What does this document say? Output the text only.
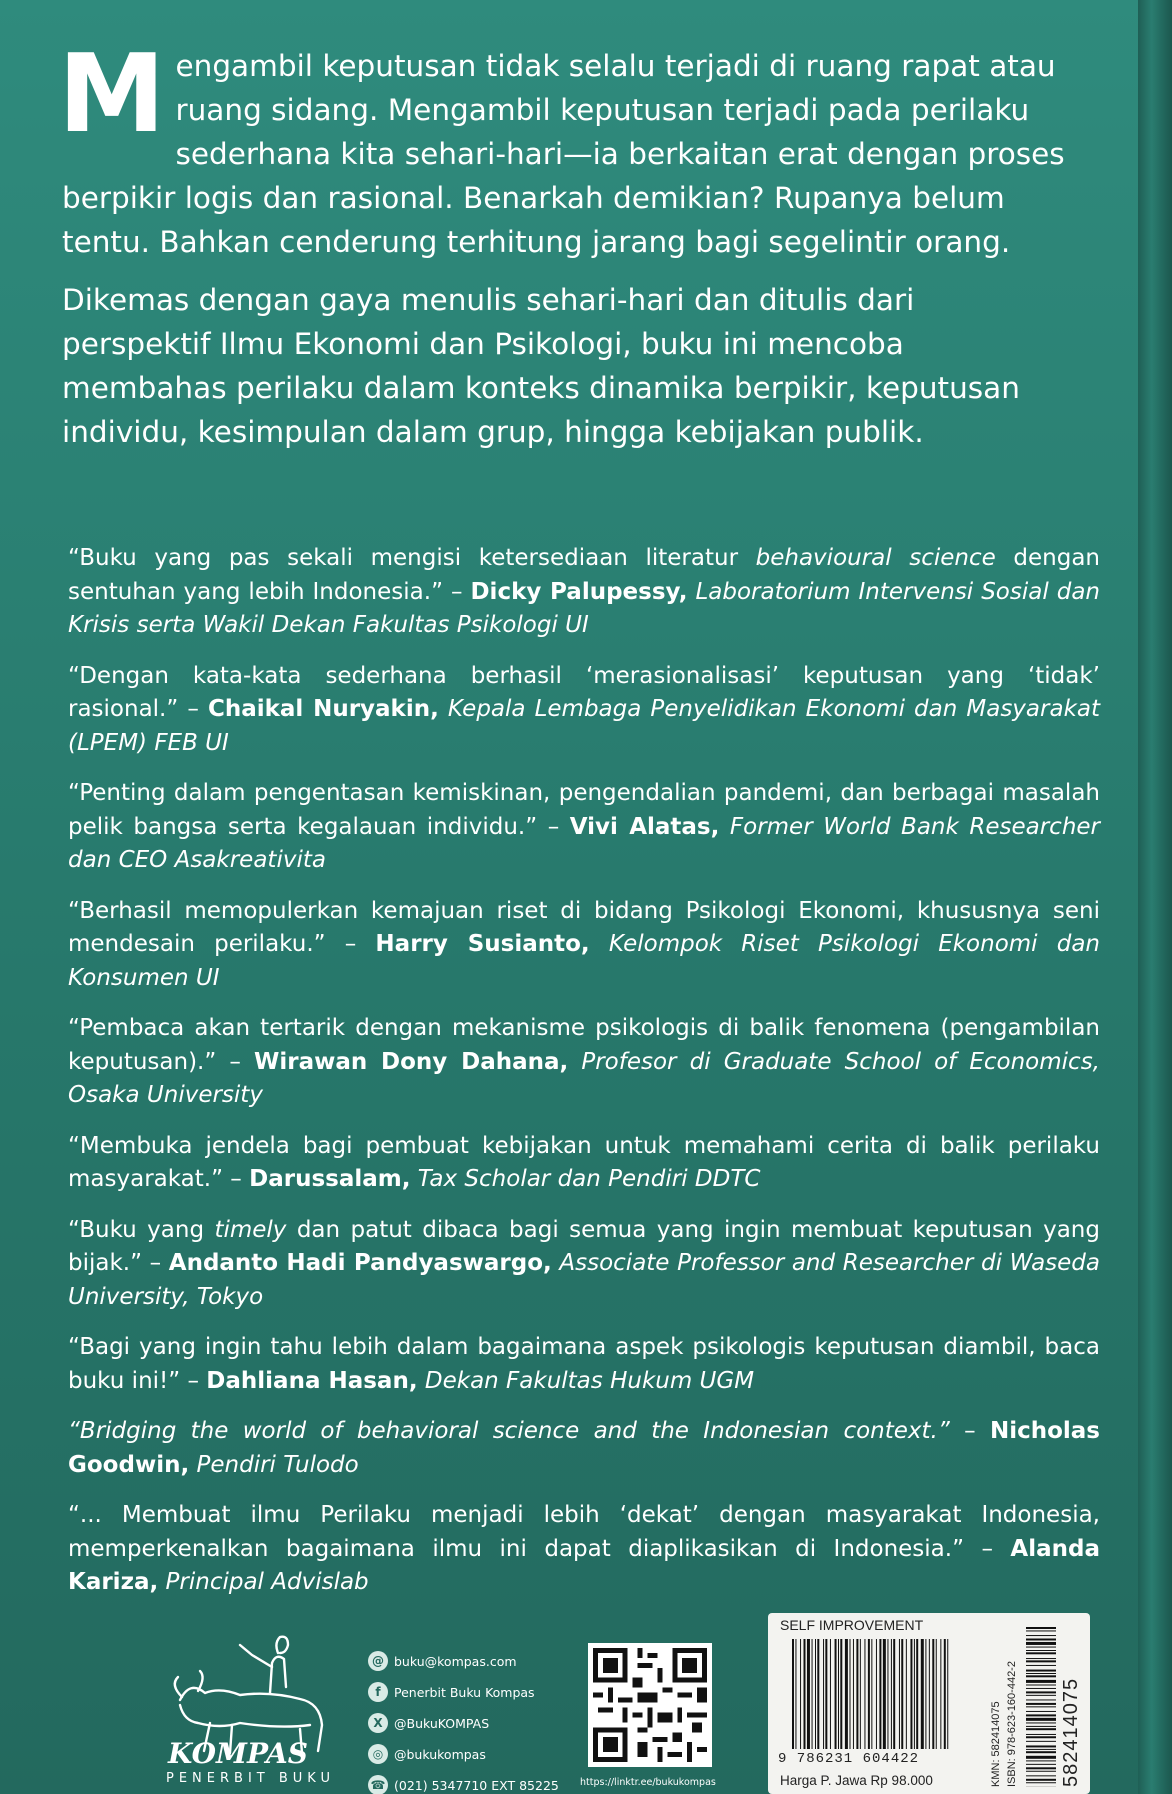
Mengambil keputusan tidak selalu terjadi di ruang rapat atau ruang sidang. Mengambil keputusan terjadi pada perilaku sederhana kita sehari-hari—ia berkaitan erat dengan proses berpikir logis dan rasional. Benarkah demikian? Rupanya belum tentu. Bahkan cenderung terhitung jarang bagi segelintir orang.

Dikemas dengan gaya menulis sehari-hari dan ditulis dari perspektif Ilmu Ekonomi dan Psikologi, buku ini mencoba membahas perilaku dalam konteks dinamika berpikir, keputusan individu, kesimpulan dalam grup, hingga kebijakan publik.

“Buku yang pas sekali mengisi ketersediaan literatur behavioural science dengan sentuhan yang lebih Indonesia.” – Dicky Palupessy, Laboratorium Intervensi Sosial dan Krisis serta Wakil Dekan Fakultas Psikologi UI

“Dengan kata-kata sederhana berhasil ‘merasionalisasi’ keputusan yang ‘tidak’ rasional.” – Chaikal Nuryakin, Kepala Lembaga Penyelidikan Ekonomi dan Masyarakat (LPEM) FEB UI

“Penting dalam pengentasan kemiskinan, pengendalian pandemi, dan berbagai masalah pelik bangsa serta kegalauan individu.” – Vivi Alatas, Former World Bank Researcher dan CEO Asakreativita

“Berhasil memopulerkan kemajuan riset di bidang Psikologi Ekonomi, khususnya seni mendesain perilaku.” – Harry Susianto, Kelompok Riset Psikologi Ekonomi dan Konsumen UI

“Pembaca akan tertarik dengan mekanisme psikologis di balik fenomena (pengambilan keputusan).” – Wirawan Dony Dahana, Profesor di Graduate School of Economics, Osaka University

“Membuka jendela bagi pembuat kebijakan untuk memahami cerita di balik perilaku masyarakat.” – Darussalam, Tax Scholar dan Pendiri DDTC

“Buku yang timely dan patut dibaca bagi semua yang ingin membuat keputusan yang bijak.” – Andanto Hadi Pandyaswargo, Associate Professor and Researcher di Waseda University, Tokyo

“Bagi yang ingin tahu lebih dalam bagaimana aspek psikologis keputusan diambil, baca buku ini!” – Dahliana Hasan, Dekan Fakultas Hukum UGM

“Bridging the world of behavioral science and the Indonesian context.” – Nicholas Goodwin, Pendiri Tulodo

“... Membuat ilmu Perilaku menjadi lebih ‘dekat’ dengan masyarakat Indonesia, memperkenalkan bagaimana ilmu ini dapat diaplikasikan di Indonesia.” – Alanda Kariza, Principal Advislab

KOMPAS
PENERBIT BUKU
@ buku@kompas.com
f	Penerbit Buku Kompas
X @BukuKOMPAS
◎ @bukukompas
☎ (021) 5347710 EXT 85225 https://linktr.ee/bukukompas
SELF IMPROVEMENT
9 786231 604422
Harga P. Jawa Rp 98.000	KMN: 582414075 ISBN: 978-623-160-442-2 582414075
